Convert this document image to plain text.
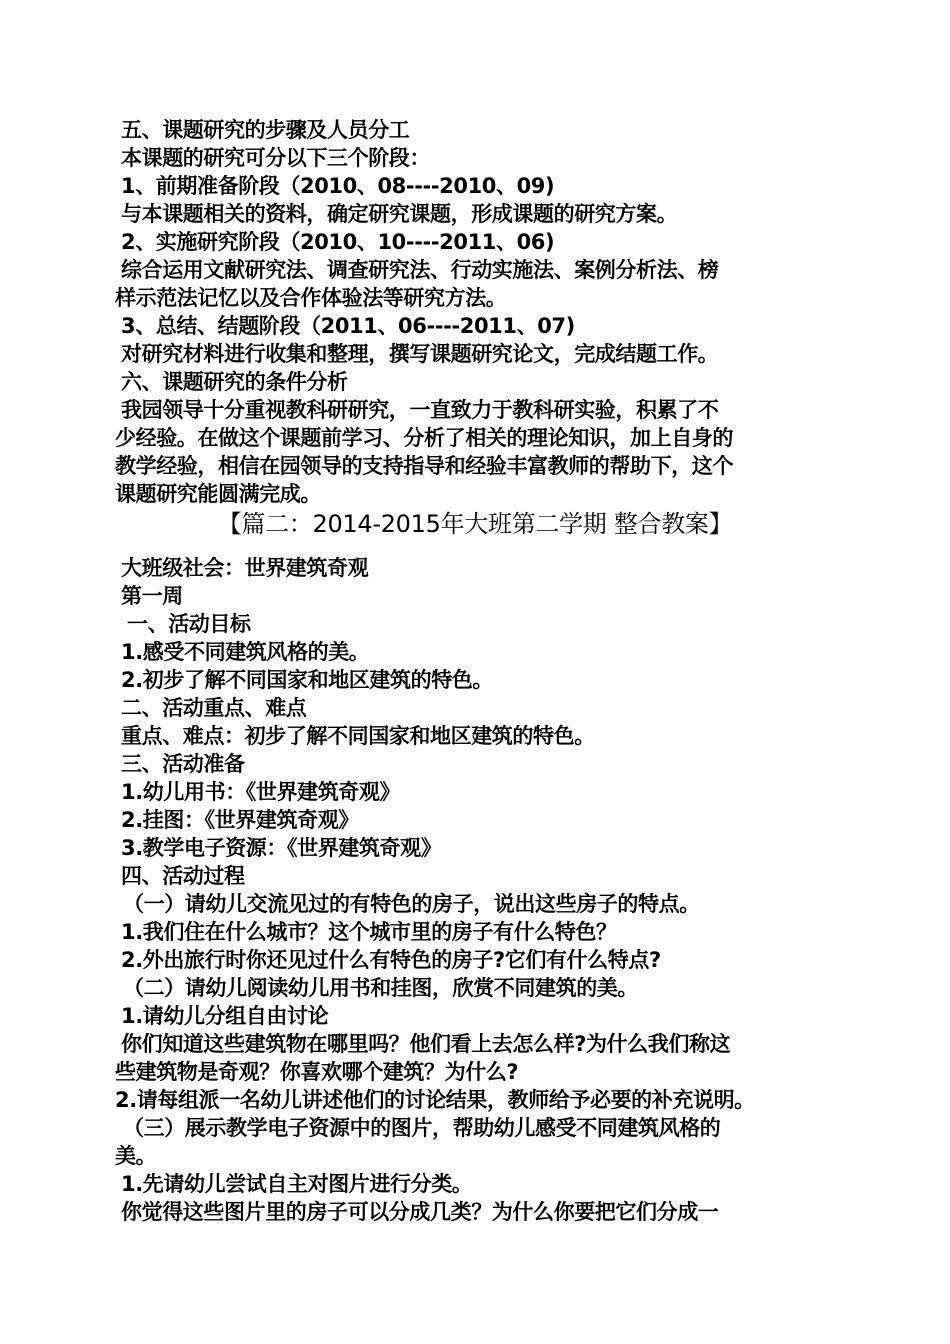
五、课题研究的步骤及人员分工
本课题的研究可分以下三个阶段：
1、前期准备阶段（2010、08----2010、09)
与本课题相关的资料，确定研究课题，形成课题的研究方案。
2、实施研究阶段（2010、10----2011、06)
综合运用文献研究法、调查研究法、行动实施法、案例分析法、榜
样示范法记忆以及合作体验法等研究方法。
3、总结、结题阶段（2011、06----2011、07)
对研究材料进行收集和整理，撰写课题研究论文，完成结题工作。
六、课题研究的条件分析
我园领导十分重视教科研研究，一直致力于教科研实验，积累了不
少经验。在做这个课题前学习、分析了相关的理论知识，加上自身的
教学经验，相信在园领导的支持指导和经验丰富教师的帮助下，这个
课题研究能圆满完成。
【篇二：2014-2015年大班第二学期 整合教案】
大班级社会：世界建筑奇观
第一周
一、活动目标
1.感受不同建筑风格的美。
2.初步了解不同国家和地区建筑的特色。
二、活动重点、难点
重点、难点：初步了解不同国家和地区建筑的特色。
三、活动准备
1.幼儿用书：《世界建筑奇观》
2.挂图：《世界建筑奇观》
3.教学电子资源：《世界建筑奇观》
四、活动过程
（一）请幼儿交流见过的有特色的房子，说出这些房子的特点。
1.我们住在什么城市？这个城市里的房子有什么特色？
2.外出旅行时你还见过什么有特色的房子?它们有什么特点?
（二）请幼儿阅读幼儿用书和挂图，欣赏不同建筑的美。
1.请幼儿分组自由讨论
你们知道这些建筑物在哪里吗？他们看上去怎么样?为什么我们称这
些建筑物是奇观？你喜欢哪个建筑？为什么?
2.请每组派一名幼儿讲述他们的讨论结果，教师给予必要的补充说明。
（三）展示教学电子资源中的图片，帮助幼儿感受不同建筑风格的
美。
1.先请幼儿尝试自主对图片进行分类。
你觉得这些图片里的房子可以分成几类？为什么你要把它们分成一
